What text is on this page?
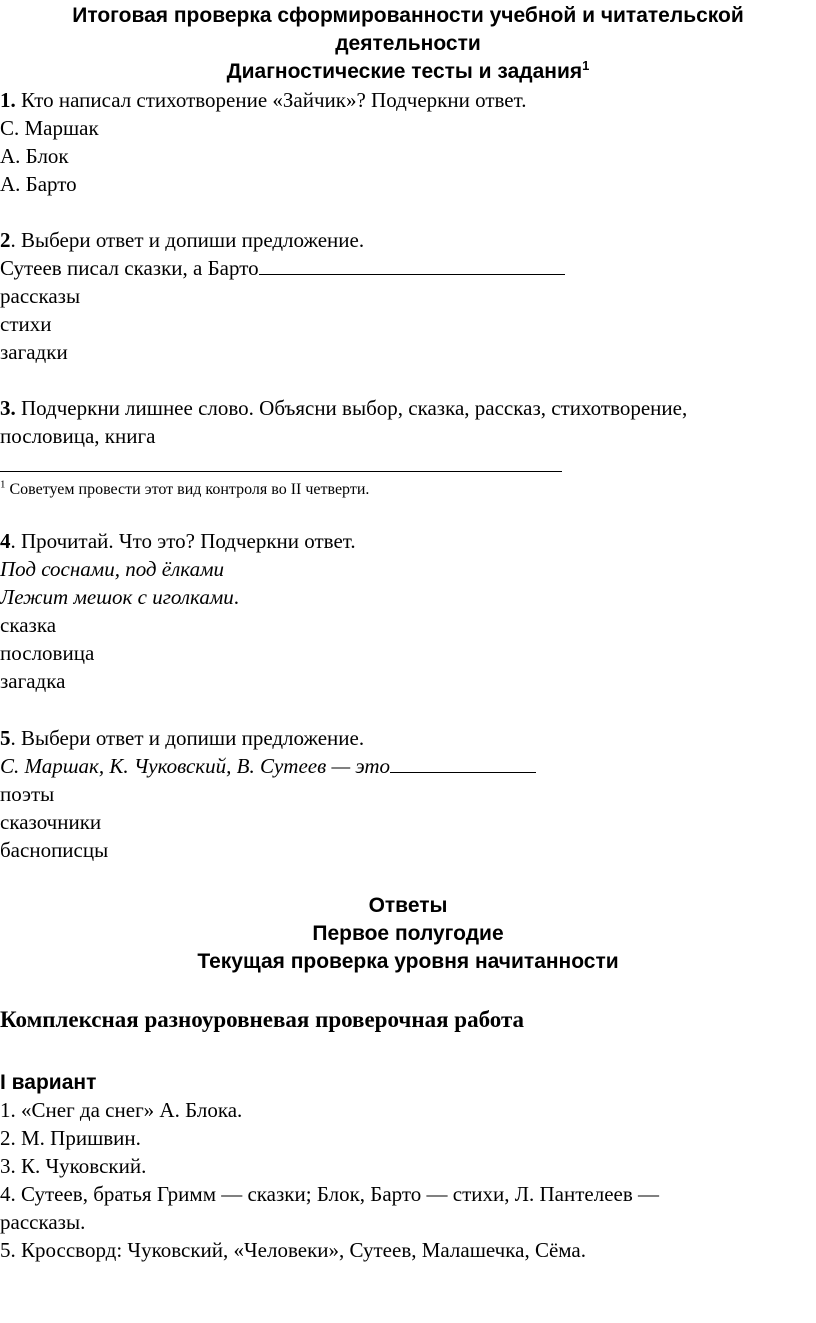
Итоговая проверка сформированности учебной и читательской
деятельности
Диагностические тесты и задания$^1$
1. Кто написал стихотворение «Зайчик»? Подчеркни ответ.
С. Маршак
А. Блок
А. Барто
2. Выбери ответ и допиши предложение.
Сутеев писал сказки, а Барто
рассказы
стихи
загадки
3. Подчеркни лишнее слово. Объясни выбор, сказка, рассказ, стихотворение,
пословица, книга
$^1$ Советуем провести этот вид контроля во II четверти.
4. Прочитай. Что это? Подчеркни ответ.
Под соснами, под ёлками
Лежит мешок с иголками.
сказка
пословица
загадка
5. Выбери ответ и допиши предложение.
С. Маршак, К. Чуковский, В. Сутеев — это
поэты
сказочники
баснописцы
Ответы
Первое полугодие
Текущая проверка уровня начитанности
Комплексная разноуровневая проверочная работа
I вариант
1. «Снег да снег» А. Блока.
2. М. Пришвин.
3. К. Чуковский.
4. Сутеев, братья Гримм — сказки; Блок, Барто — стихи, Л. Пантелеев —
рассказы.
5. Кроссворд: Чуковский, «Человеки», Сутеев, Малашечка, Сёма.
